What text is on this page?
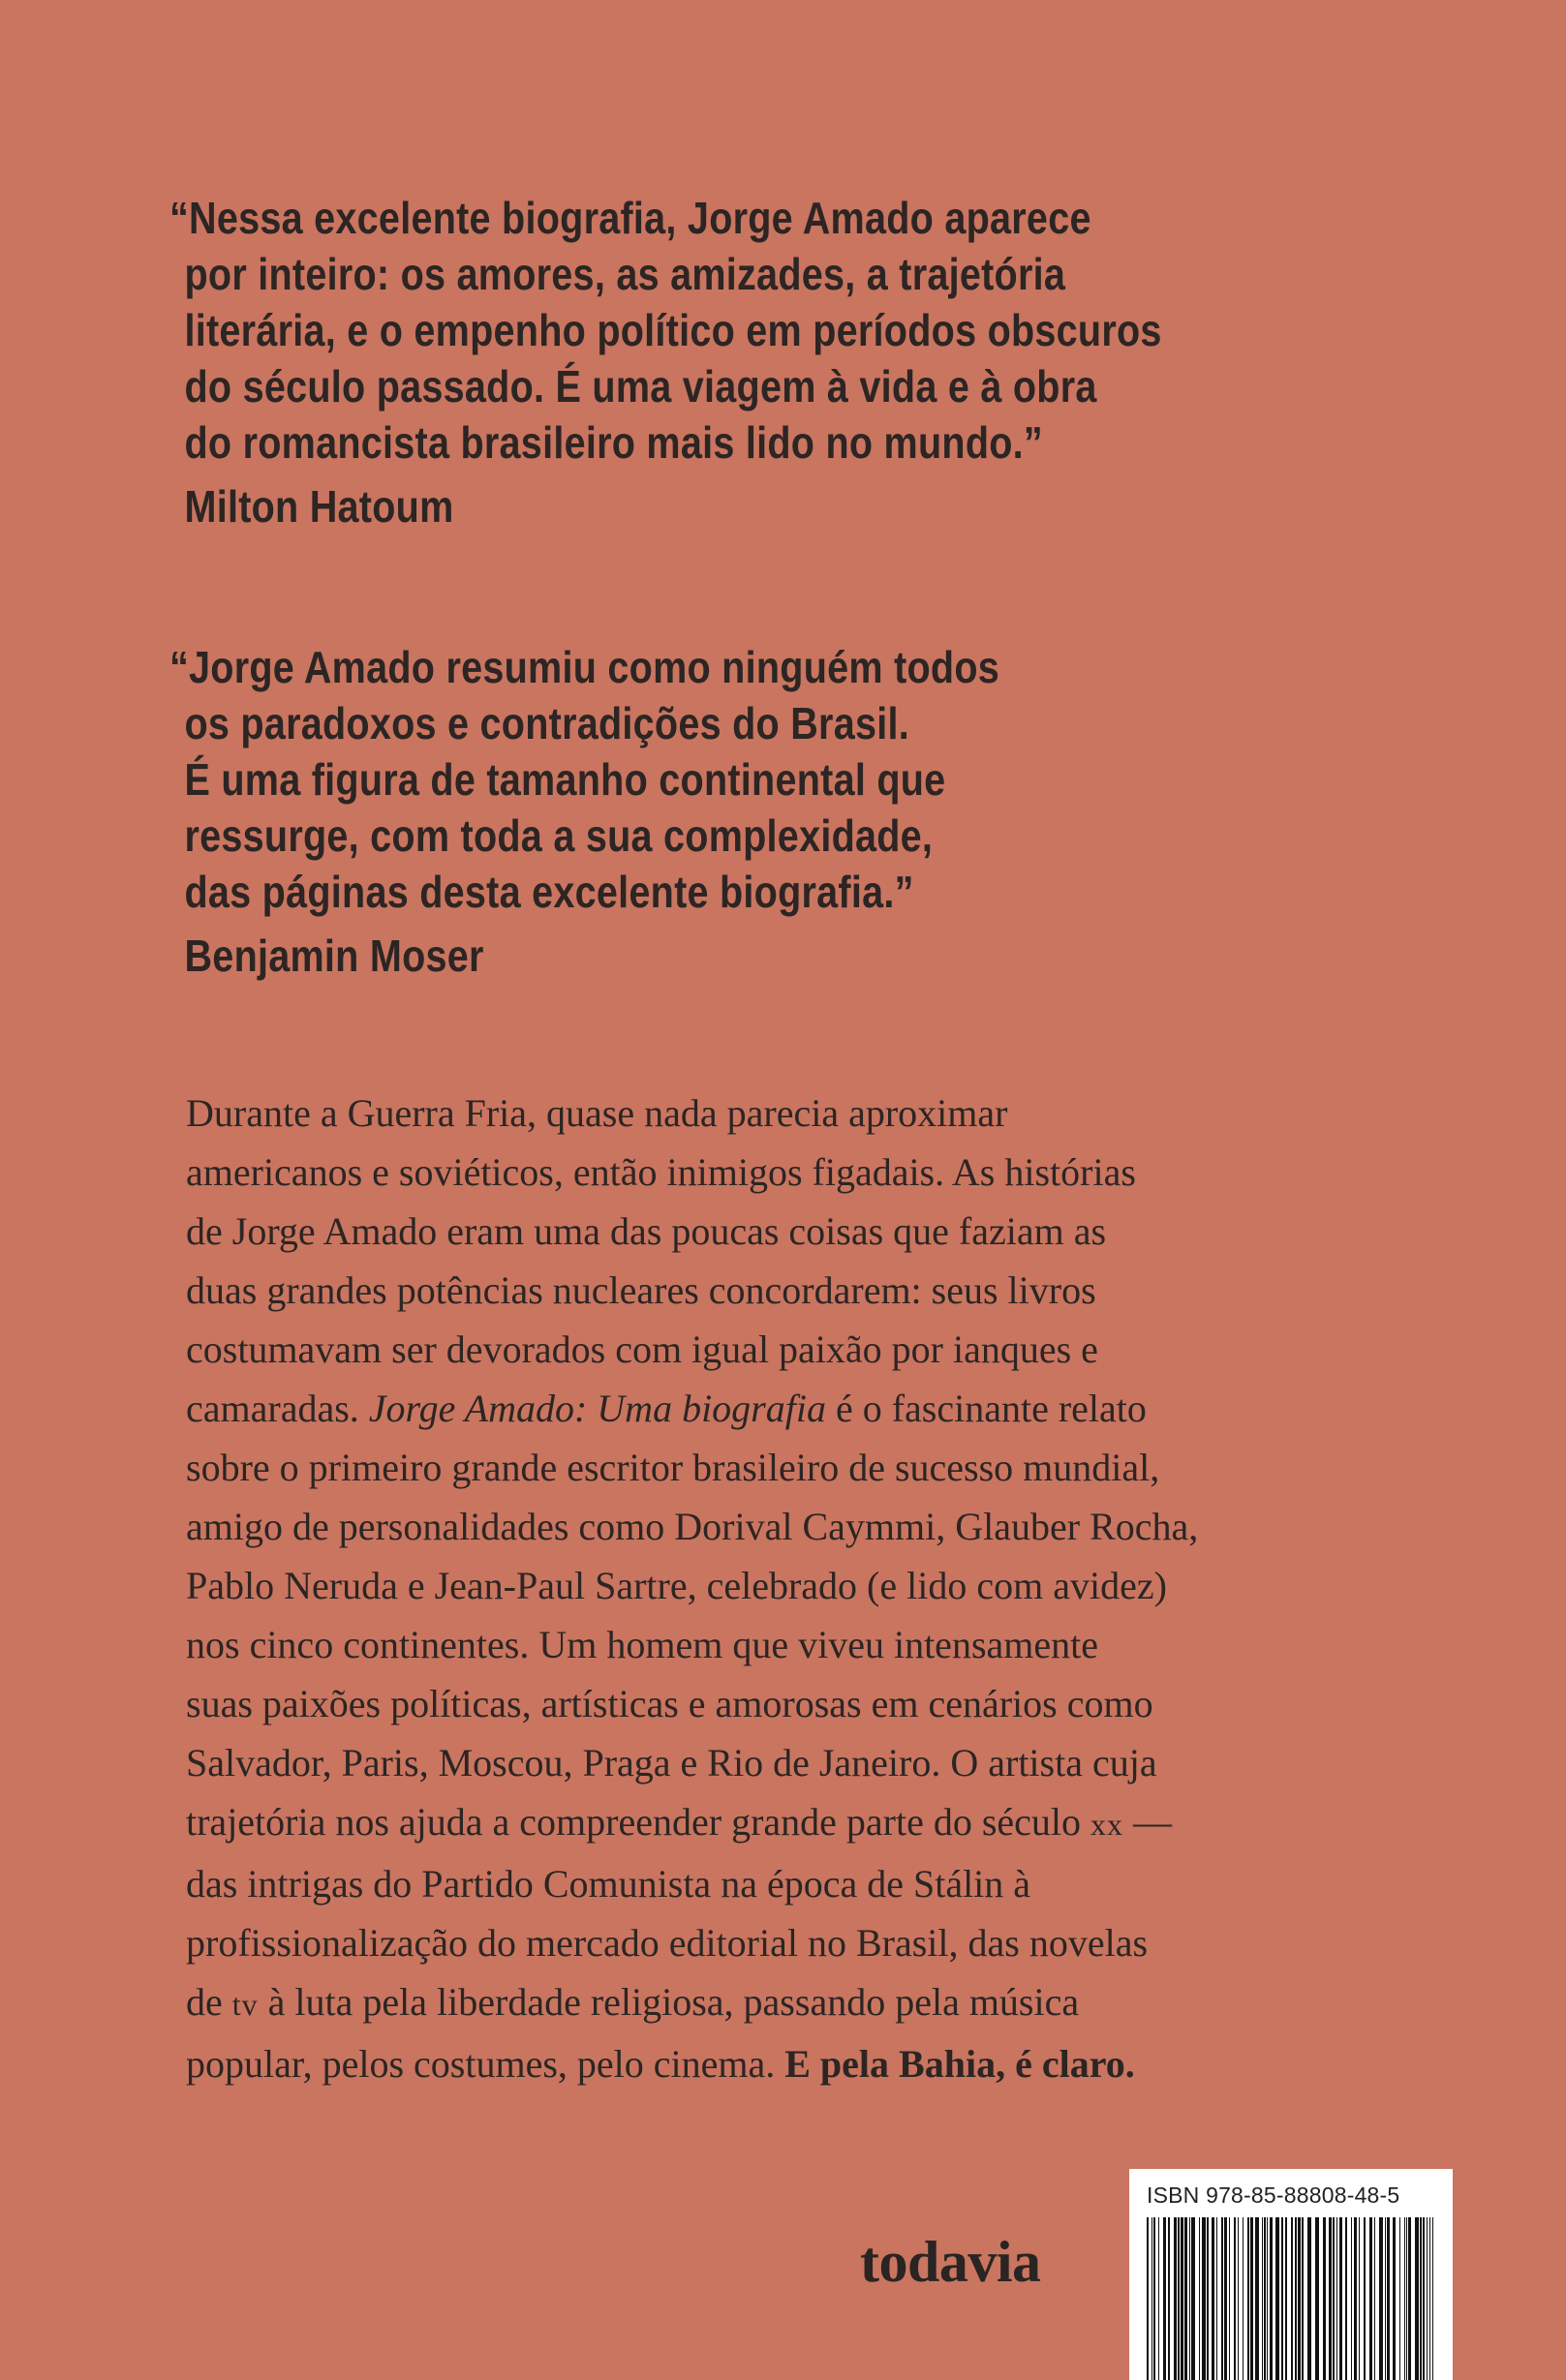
“Nessa excelente biografia, Jorge Amado aparece
por inteiro: os amores, as amizades, a trajetória
literária, e o empenho político em períodos obscuros
do século passado. É uma viagem à vida e à obra
do romancista brasileiro mais lido no mundo.”
Milton Hatoum
“Jorge Amado resumiu como ninguém todos
os paradoxos e contradições do Brasil.
É uma figura de tamanho continental que
ressurge, com toda a sua complexidade,
das páginas desta excelente biografia.”
Benjamin Moser
Durante a Guerra Fria, quase nada parecia aproximar
americanos e soviéticos, então inimigos figadais. As histórias
de Jorge Amado eram uma das poucas coisas que faziam as
duas grandes potências nucleares concordarem: seus livros
costumavam ser devorados com igual paixão por ianques e
camaradas. Jorge Amado: Uma biografia é o fascinante relato
sobre o primeiro grande escritor brasileiro de sucesso mundial,
amigo de personalidades como Dorival Caymmi, Glauber Rocha,
Pablo Neruda e Jean-Paul Sartre, celebrado (e lido com avidez)
nos cinco continentes. Um homem que viveu intensamente
suas paixões políticas, artísticas e amorosas em cenários como
Salvador, Paris, Moscou, Praga e Rio de Janeiro. O artista cuja
trajetória nos ajuda a compreender grande parte do século xx —
das intrigas do Partido Comunista na época de Stálin à
profissionalização do mercado editorial no Brasil, das novelas
de tv à luta pela liberdade religiosa, passando pela música
popular, pelos costumes, pelo cinema. E pela Bahia, é claro.
todavia
ISBN 978-85-88808-48-5
